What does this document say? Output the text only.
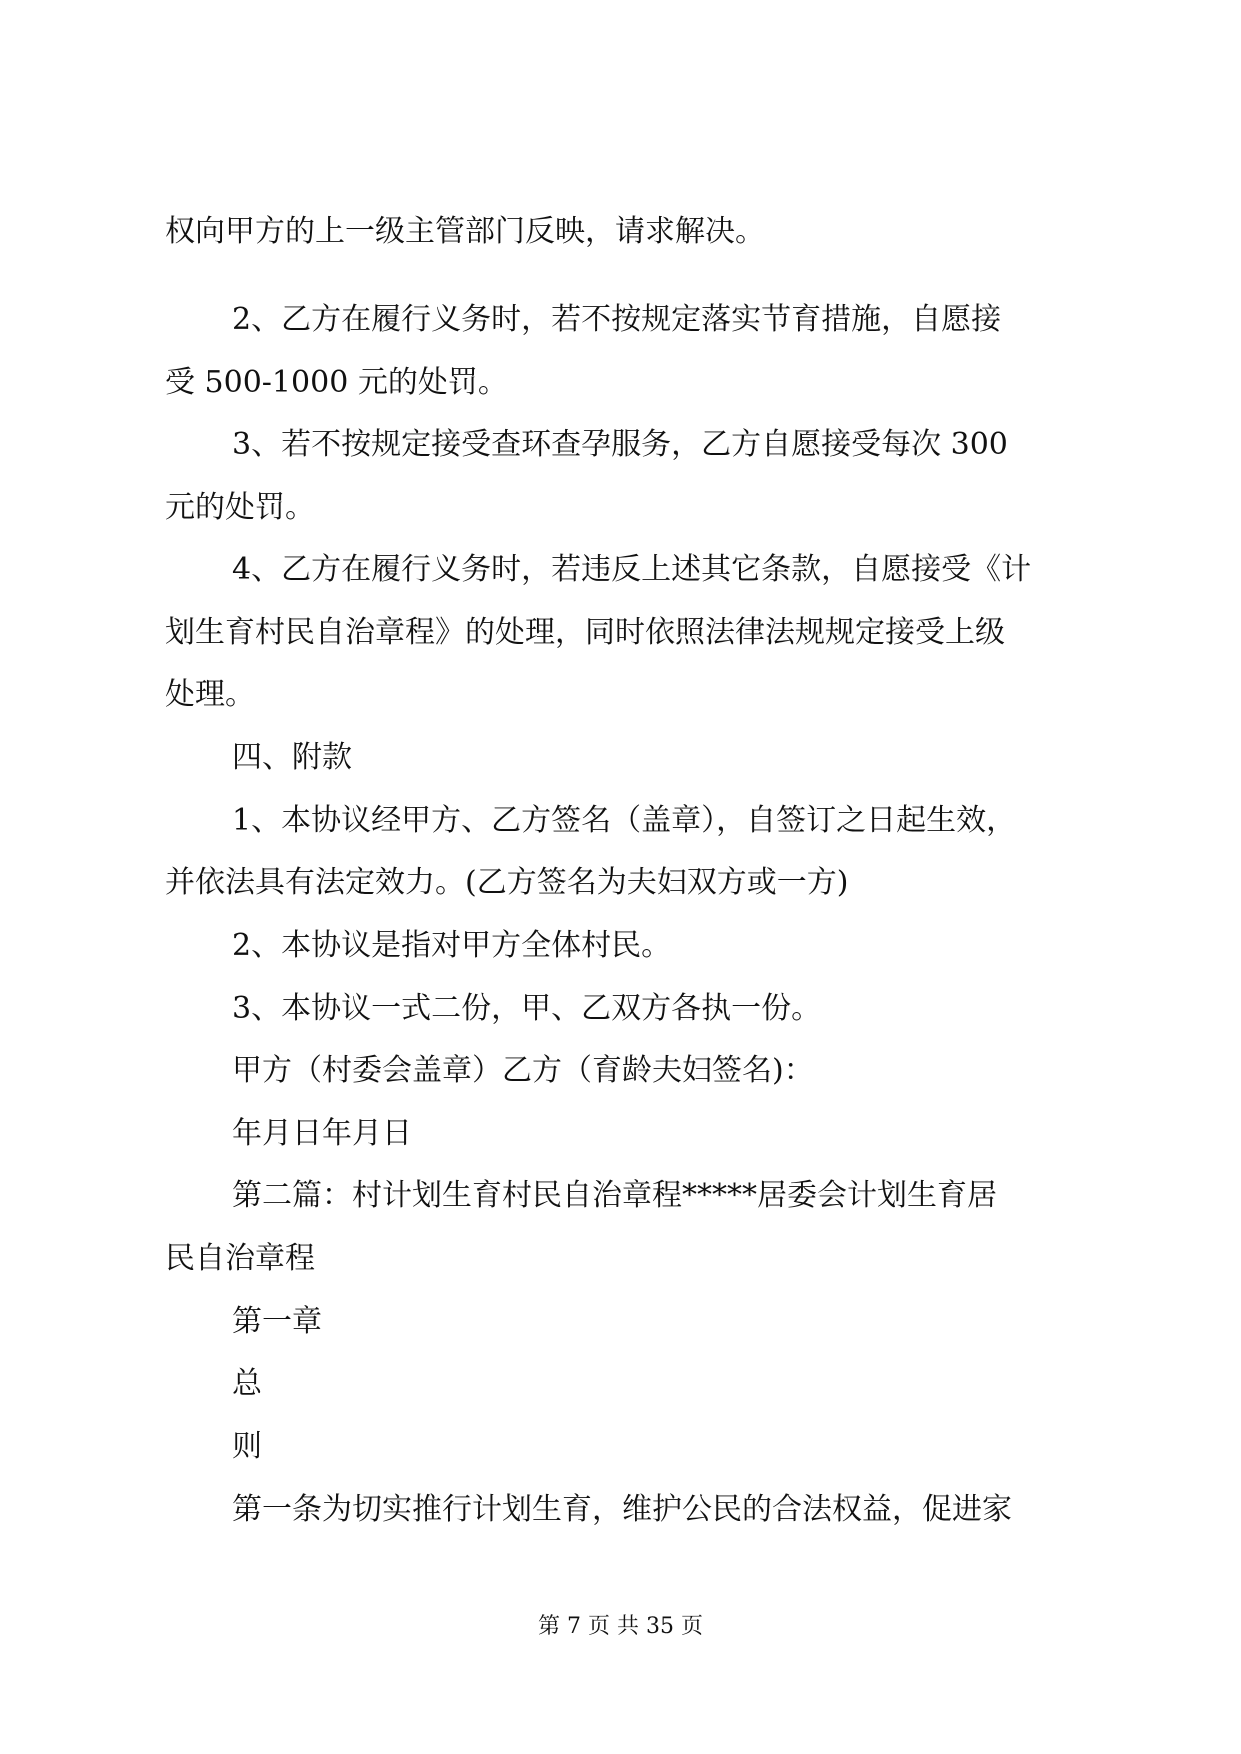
权向甲方的上一级主管部门反映，请求解决。

2、乙方在履行义务时，若不按规定落实节育措施，自愿接

受 500-1000 元的处罚。

3、若不按规定接受查环查孕服务，乙方自愿接受每次 300

元的处罚。

4、乙方在履行义务时，若违反上述其它条款，自愿接受《计

划生育村民自治章程》的处理，同时依照法律法规规定接受上级

处理。

四、附款

1、本协议经甲方、乙方签名（盖章），自签订之日起生效，

并依法具有法定效力。(乙方签名为夫妇双方或一方)

2、本协议是指对甲方全体村民。

3、本协议一式二份，甲、乙双方各执一份。

甲方（村委会盖章）乙方（育龄夫妇签名)：

年月日年月日

第二篇：村计划生育村民自治章程*****居委会计划生育居

民自治章程

第一章

总

则

第一条为切实推行计划生育，维护公民的合法权益，促进家

第 7 页 共 35 页
